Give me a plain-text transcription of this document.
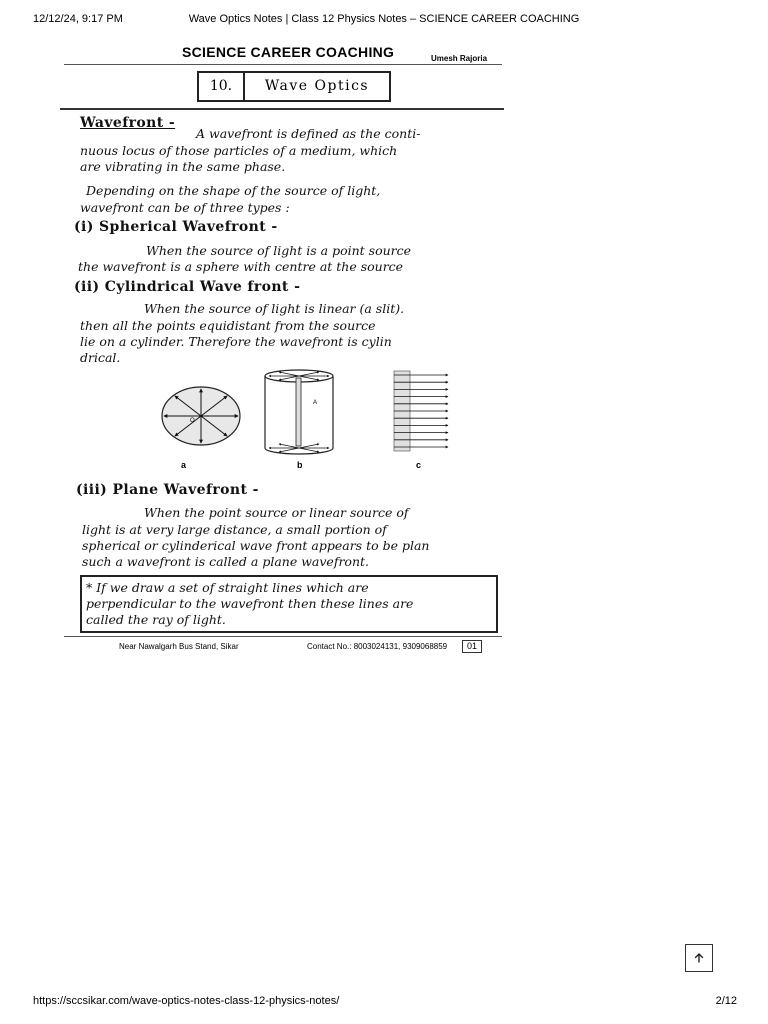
12/12/24, 9:17 PM	Wave Optics Notes | Class 12 Physics Notes – SCIENCE CAREER COACHING
SCIENCE CAREER COACHING	Umesh Rajoria
10.	Wave Optics
Wavefront -
A wavefront is defined as the conti-
nuous locus of those particles of a medium, which
are vibrating in the same phase.
Depending on the shape of the source of light,
wavefront can be of three types :
(i) Spherical Wavefront -
When the source of light is a point source
the wavefront is a sphere with centre at the source
(ii) Cylindrical Wave front -
When the source of light is linear (a slit).
then all the points equidistant from the source
lie on a cylinder. Therefore the wavefront is cylin
drical.
O
A
a	b	c
(iii) Plane Wavefront -
When the point source or linear source of
light is at very large distance, a small portion of
spherical or cylinderical wave front appears to be plan
such a wavefront is called a plane wavefront.
* If we draw a set of straight lines which are
perpendicular to the wavefront then these lines are
called the ray of light.
Near Nawalgarh Bus Stand, Sikar	Contact No.: 8003024131, 9309068859	01
https://sccsikar.com/wave-optics-notes-class-12-physics-notes/	2/12
